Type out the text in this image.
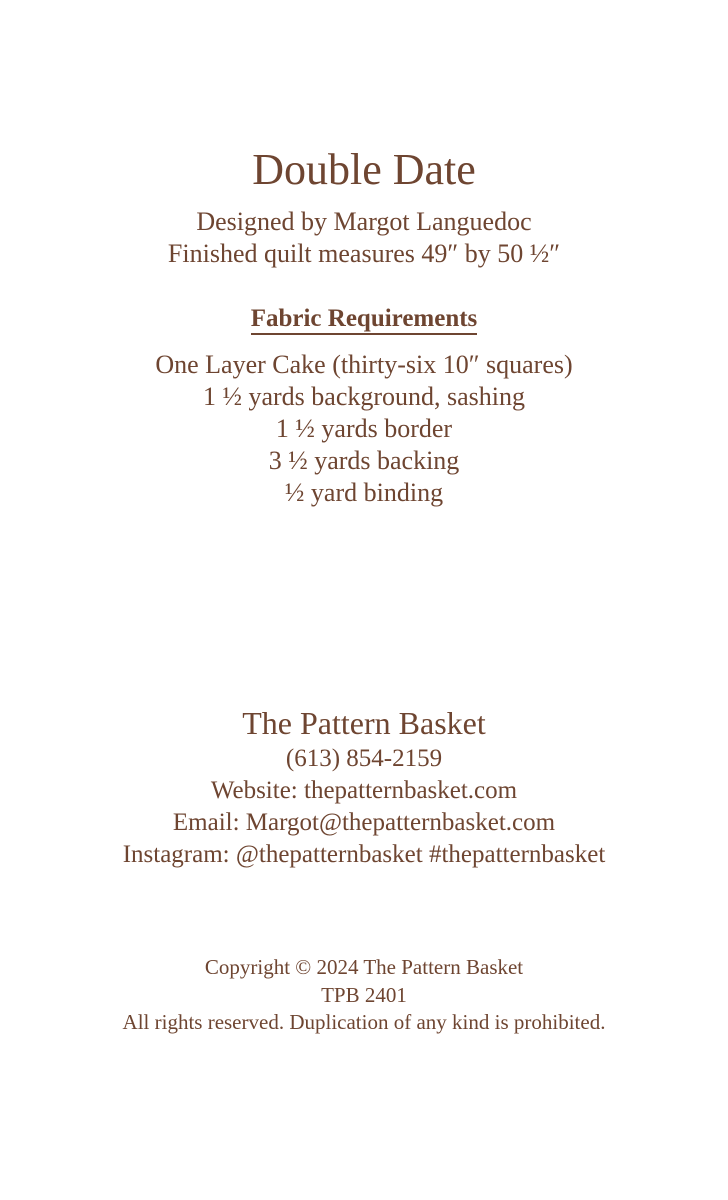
Double Date
Designed by Margot Languedoc
Finished quilt measures 49″ by 50 ½″
Fabric Requirements
One Layer Cake (thirty-six 10″ squares)
1 ½ yards background, sashing
1 ½ yards border
3 ½ yards backing
½ yard binding
The Pattern Basket
(613) 854-2159
Website: thepatternbasket.com
Email: Margot@thepatternbasket.com
Instagram: @thepatternbasket #thepatternbasket
Copyright © 2024 The Pattern Basket
TPB 2401
All rights reserved. Duplication of any kind is prohibited.
